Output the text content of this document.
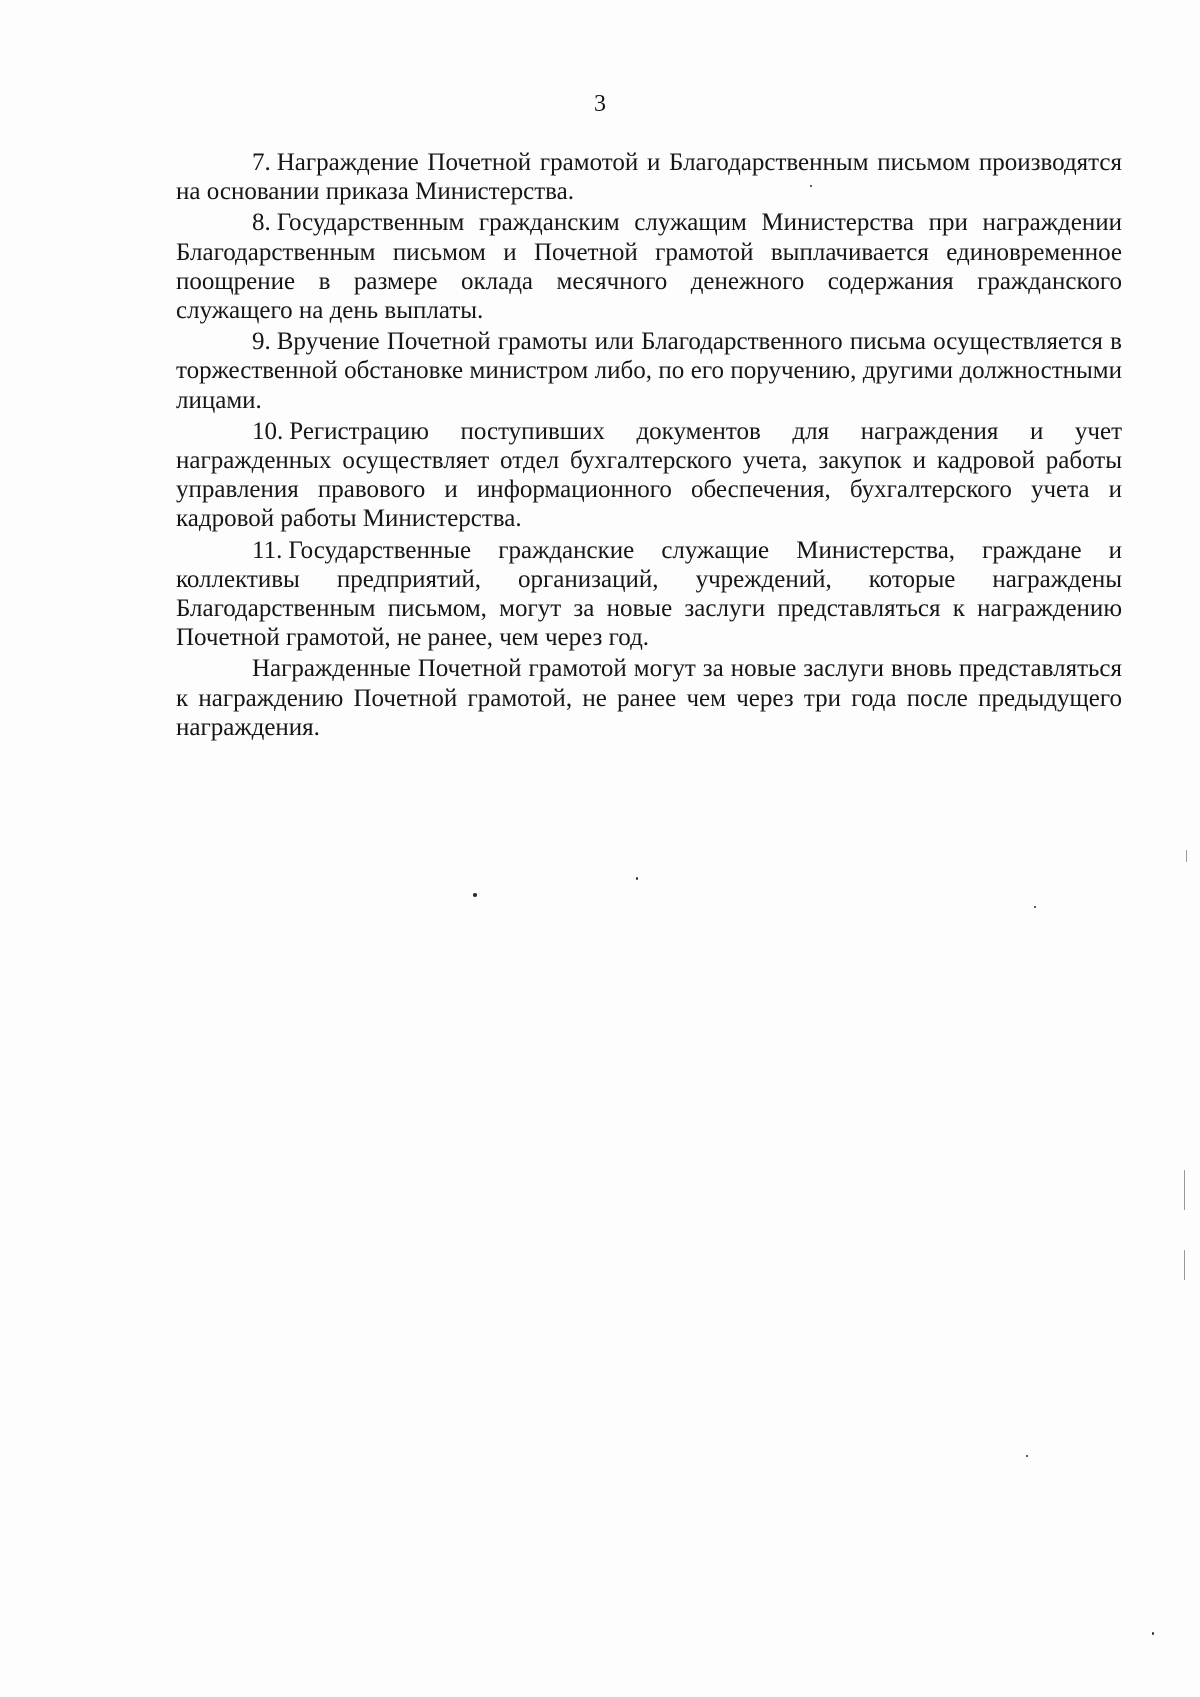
3

7. Награждение Почетной грамотой и Благодарственным письмом производятся на основании приказа Министерства.

8. Государственным гражданским служащим Министерства при награждении Благодарственным письмом и Почетной грамотой выплачивается единовременное поощрение в размере оклада месячного денежного содержания гражданского служащего на день выплаты.

9. Вручение Почетной грамоты или Благодарственного письма осуществляется в торжественной обстановке министром либо, по его поручению, другими должностными лицами.

10. Регистрацию поступивших документов для награждения и учет награжденных осуществляет отдел бухгалтерского учета, закупок и кадровой работы управления правового и информационного обеспечения, бухгалтерского учета и кадровой работы Министерства.

11. Государственные гражданские служащие Министерства, граждане и коллективы предприятий, организаций, учреждений, которые награждены Благодарственным письмом, могут за новые заслуги представляться к награждению Почетной грамотой, не ранее, чем через год.

Награжденные Почетной грамотой могут за новые заслуги вновь представляться к награждению Почетной грамотой, не ранее чем через три года после предыдущего награждения.
